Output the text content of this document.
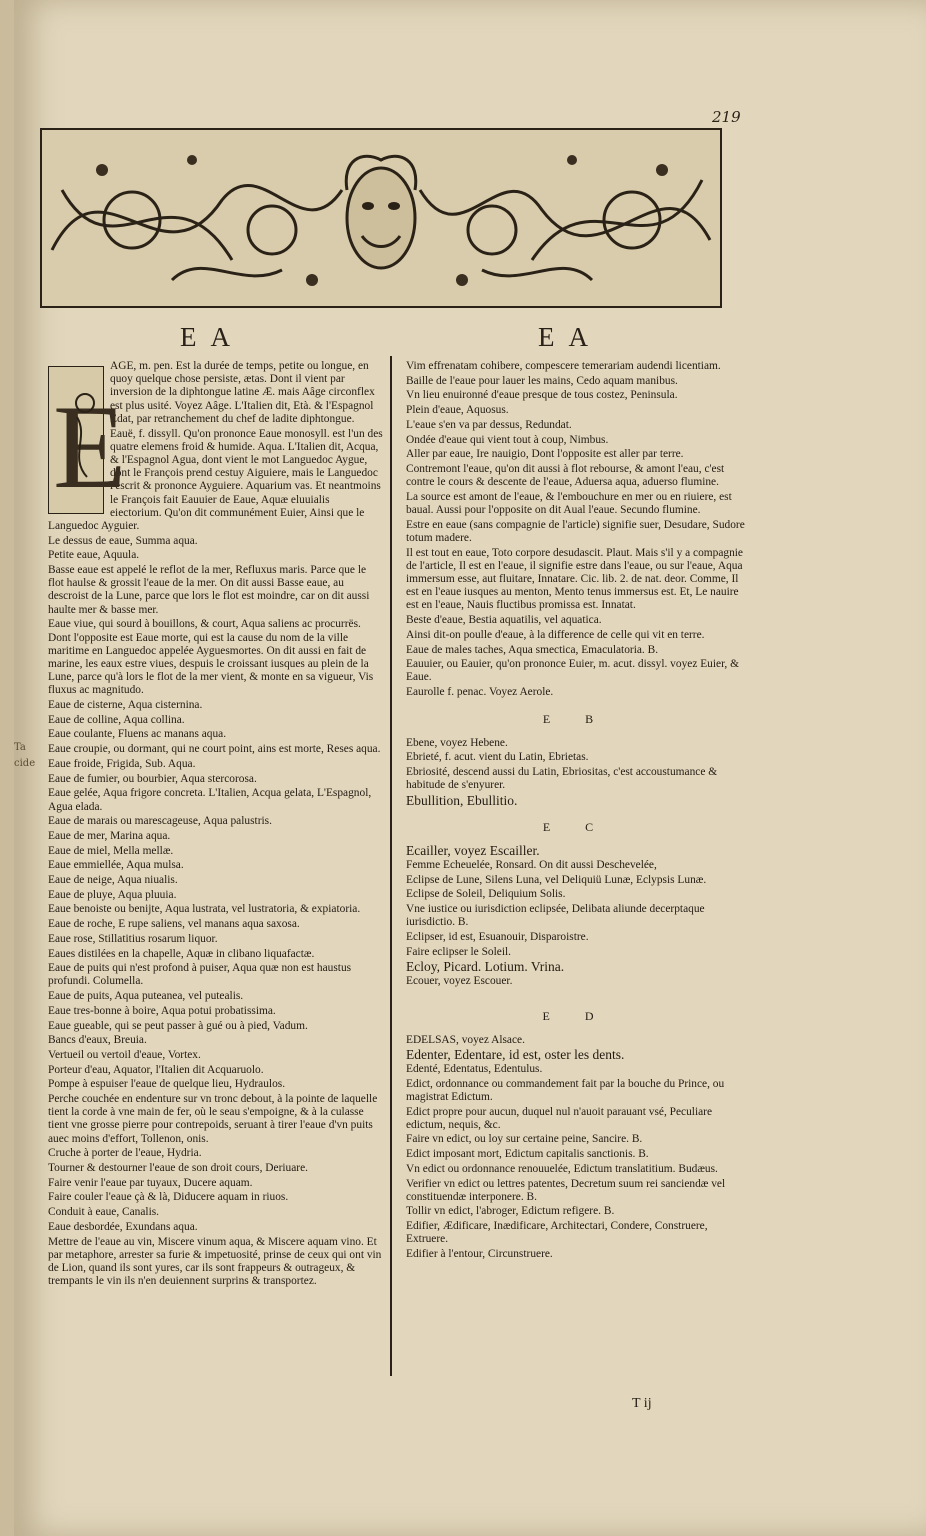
Ta
cide
219
EA	EA
E

AGE, m. pen. Est la durée de temps, petite ou longue, en quoy quelque chose persiste, ætas. Dont il vient par inversion de la diphtongue latine Æ. mais Aâge circonflex est plus usité. Voyez Aâge. L'Italien dit, Età. & l'Espagnol Edat, par retranchement du chef de ladite diphtongue.

Eauë, f. dissyll. Qu'on prononce Eaue monosyll. est l'un des quatre elemens froid & humide. Aqua. L'Italien dit, Acqua, & l'Espagnol Agua, dont vient le mot Languedoc Aygue, dont le François prend cestuy Aiguiere, mais le Languedoc l'escrit & prononce Ayguiere. Aquarium vas. Et neantmoins le François fait Eauuier de Eaue, Aquæ eluuialis eiectorium. Qu'on dit communément Euier, Ainsi que le Languedoc Ayguier.

Le dessus de eaue, Summa aqua.

Petite eaue, Aquula.

Basse eaue est appelé le reflot de la mer, Refluxus maris. Parce que le flot haulse & grossit l'eaue de la mer. On dit aussi Basse eaue, au descroist de la Lune, parce que lors le flot est moindre, car on dit aussi haulte mer & basse mer.

Eaue viue, qui sourd à bouillons, & court, Aqua saliens ac procurrës. Dont l'opposite est Eaue morte, qui est la cause du nom de la ville maritime en Languedoc appelée Ayguesmortes. On dit aussi en fait de marine, les eaux estre viues, despuis le croissant iusques au plein de la Lune, parce qu'à lors le flot de la mer vient, & monte en sa vigueur, Vis fluxus ac magnitudo.

Eaue de cisterne, Aqua cisternina.

Eaue de colline, Aqua collina.

Eaue coulante, Fluens ac manans aqua.

Eaue croupie, ou dormant, qui ne court point, ains est morte, Reses aqua.

Eaue froide, Frigida, Sub. Aqua.

Eaue de fumier, ou bourbier, Aqua stercorosa.

Eaue gelée, Aqua frigore concreta. L'Italien, Acqua gelata, L'Espagnol, Agua elada.

Eaue de marais ou marescageuse, Aqua palustris.

Eaue de mer, Marina aqua.

Eaue de miel, Mella mellæ.

Eaue emmiellée, Aqua mulsa.

Eaue de neige, Aqua niualis.

Eaue de pluye, Aqua pluuia.

Eaue benoiste ou benijte, Aqua lustrata, vel lustratoria, & expiatoria.

Eaue de roche, E rupe saliens, vel manans aqua saxosa.

Eaue rose, Stillatitius rosarum liquor.

Eaues distilées en la chapelle, Aquæ in clibano liquafactæ.

Eaue de puits qui n'est profond à puiser, Aqua quæ non est haustus profundi. Columella.

Eaue de puits, Aqua puteanea, vel putealis.

Eaue tres-bonne à boire, Aqua potui probatissima.

Eaue gueable, qui se peut passer à gué ou à pied, Vadum.

Bancs d'eaux, Breuia.

Vertueil ou vertoil d'eaue, Vortex.

Porteur d'eau, Aquator, l'Italien dit Acquaruolo.

Pompe à espuiser l'eaue de quelque lieu, Hydraulos.

Perche couchée en endenture sur vn tronc debout, à la pointe de laquelle tient la corde à vne main de fer, où le seau s'empoigne, & à la culasse tient vne grosse pierre pour contrepoids, seruant à tirer l'eaue d'vn puits auec moins d'effort, Tollenon, onis.

Cruche à porter de l'eaue, Hydria.

Tourner & destourner l'eaue de son droit cours, Deriuare.

Faire venir l'eaue par tuyaux, Ducere aquam.

Faire couler l'eaue çà & là, Diducere aquam in riuos.

Conduit à eaue, Canalis.

Eaue desbordée, Exundans aqua.

Mettre de l'eaue au vin, Miscere vinum aqua, & Miscere aquam vino. Et par metaphore, arrester sa furie & impetuosité, prinse de ceux qui ont vin de Lion, quand ils sont yures, car ils sont frappeurs & outrageux, & trempants le vin ils n'en deuiennent surprins & transportez.

Vim effrenatam cohibere, compescere temerariam audendi licentiam.

Baille de l'eaue pour lauer les mains, Cedo aquam manibus.

Vn lieu enuironné d'eaue presque de tous costez, Peninsula.

Plein d'eaue, Aquosus.

L'eaue s'en va par dessus, Redundat.

Ondée d'eaue qui vient tout à coup, Nimbus.

Aller par eaue, Ire nauigio, Dont l'opposite est aller par terre.

Contremont l'eaue, qu'on dit aussi à flot rebourse, & amont l'eau, c'est contre le cours & descente de l'eaue, Aduersa aqua, aduerso flumine.

La source est amont de l'eaue, & l'embouchure en mer ou en riuiere, est baual. Aussi pour l'opposite on dit Aual l'eaue. Secundo flumine.

Estre en eaue (sans compagnie de l'article) signifie suer, Desudare, Sudore totum madere.

Il est tout en eaue, Toto corpore desudascit. Plaut. Mais s'il y a compagnie de l'article, Il est en l'eaue, il signifie estre dans l'eaue, ou sur l'eaue, Aqua immersum esse, aut fluitare, Innatare. Cic. lib. 2. de nat. deor. Comme, Il est en l'eaue iusques au menton, Mento tenus immersus est. Et, Le nauire est en l'eaue, Nauis fluctibus promissa est. Innatat.

Beste d'eaue, Bestia aquatilis, vel aquatica.

Ainsi dit-on poulle d'eaue, à la difference de celle qui vit en terre.

Eaue de males taches, Aqua smectica, Emaculatoria. B.

Eauuier, ou Eauier, qu'on prononce Euier, m. acut. dissyl. voyez Euier, & Eaue.

Eaurolle f. penac. Voyez Aerole.

E B

Ebene, voyez Hebene.

Ebrieté, f. acut. vient du Latin, Ebrietas.

Ebriosité, descend aussi du Latin, Ebriositas, c'est accoustumance & habitude de s'enyurer.

Ebullition, Ebullitio.

E C

Ecailler, voyez Escailler.

Femme Echeuelée, Ronsard. On dit aussi Deschevelée,

Eclipse de Lune, Silens Luna, vel Deliquiü Lunæ, Eclypsis Lunæ.

Eclipse de Soleil, Deliquium Solis.

Vne iustice ou iurisdiction eclipsée, Delibata aliunde decerptaque iurisdictio. B.

Eclipser, id est, Esuanouir, Disparoistre.

Faire eclipser le Soleil.

Ecloy, Picard. Lotium. Vrina.

Ecouer, voyez Escouer.

E D

EDELSAS, voyez Alsace.

Edenter, Edentare, id est, oster les dents.

Edenté, Edentatus, Edentulus.

Edict, ordonnance ou commandement fait par la bouche du Prince, ou magistrat Edictum.

Edict propre pour aucun, duquel nul n'auoit parauant vsé, Peculiare edictum, nequis, &c.

Faire vn edict, ou loy sur certaine peine, Sancire. B.

Edict imposant mort, Edictum capitalis sanctionis. B.

Vn edict ou ordonnance renouuelée, Edictum translatitium. Budæus.

Verifier vn edict ou lettres patentes, Decretum suum rei sanciendæ vel constituendæ interponere. B.

Tollir vn edict, l'abroger, Edictum refigere. B.

Edifier, Ædificare, Inædificare, Architectari, Condere, Construere, Extruere.

Edifier à l'entour, Circunstruere.

T ij
